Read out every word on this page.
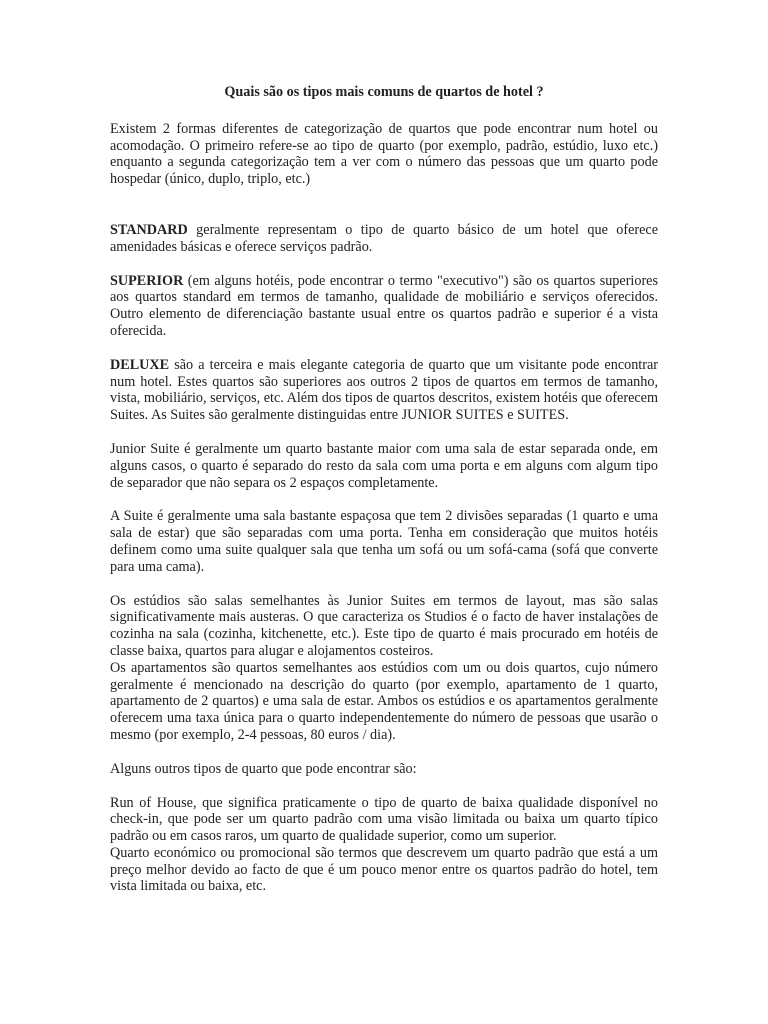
Quais são os tipos mais comuns de quartos de hotel ?

Existem 2 formas diferentes de categorização de quartos que pode encontrar num hotel ou acomodação. O primeiro refere-se ao tipo de quarto (por exemplo, padrão, estúdio, luxo etc.) enquanto a segunda categorização tem a ver com o número das pessoas que um quarto pode hospedar (único, duplo, triplo, etc.)

STANDARD geralmente representam o tipo de quarto básico de um hotel que oferece amenidades básicas e oferece serviços padrão.

SUPERIOR (em alguns hotéis, pode encontrar o termo "executivo") são os quartos superiores aos quartos standard em termos de tamanho, qualidade de mobiliário e serviços oferecidos. Outro elemento de diferenciação bastante usual entre os quartos padrão e superior é a vista oferecida.

DELUXE são a terceira e mais elegante categoria de quarto que um visitante pode encontrar num hotel. Estes quartos são superiores aos outros 2 tipos de quartos em termos de tamanho, vista, mobiliário, serviços, etc. Além dos tipos de quartos descritos, existem hotéis que oferecem Suites. As Suites são geralmente distinguidas entre JUNIOR SUITES e SUITES.

Junior Suite é geralmente um quarto bastante maior com uma sala de estar separada onde, em alguns casos, o quarto é separado do resto da sala com uma porta e em alguns com algum tipo de separador que não separa os 2 espaços completamente.

A Suite é geralmente uma sala bastante espaçosa que tem 2 divisões separadas (1 quarto e uma sala de estar) que são separadas com uma porta. Tenha em consideração que muitos hotéis definem como uma suite qualquer sala que tenha um sofá ou um sofá-cama (sofá que converte para uma cama).

Os estúdios são salas semelhantes às Junior Suites em termos de layout, mas são salas significativamente mais austeras. O que caracteriza os Studios é o facto de haver instalações de cozinha na sala (cozinha, kitchenette, etc.). Este tipo de quarto é mais procurado em hotéis de classe baixa, quartos para alugar e alojamentos costeiros.
Os apartamentos são quartos semelhantes aos estúdios com um ou dois quartos, cujo número geralmente é mencionado na descrição do quarto (por exemplo, apartamento de 1 quarto, apartamento de 2 quartos) e uma sala de estar. Ambos os estúdios e os apartamentos geralmente oferecem uma taxa única para o quarto independentemente do número de pessoas que usarão o mesmo (por exemplo, 2-4 pessoas, 80 euros / dia).

Alguns outros tipos de quarto que pode encontrar são:

Run of House, que significa praticamente o tipo de quarto de baixa qualidade disponível no check-in, que pode ser um quarto padrão com uma visão limitada ou baixa um quarto típico padrão ou em casos raros, um quarto de qualidade superior, como um superior.
Quarto económico ou promocional são termos que descrevem um quarto padrão que está a um preço melhor devido ao facto de que é um pouco menor entre os quartos padrão do hotel, tem vista limitada ou baixa, etc.
